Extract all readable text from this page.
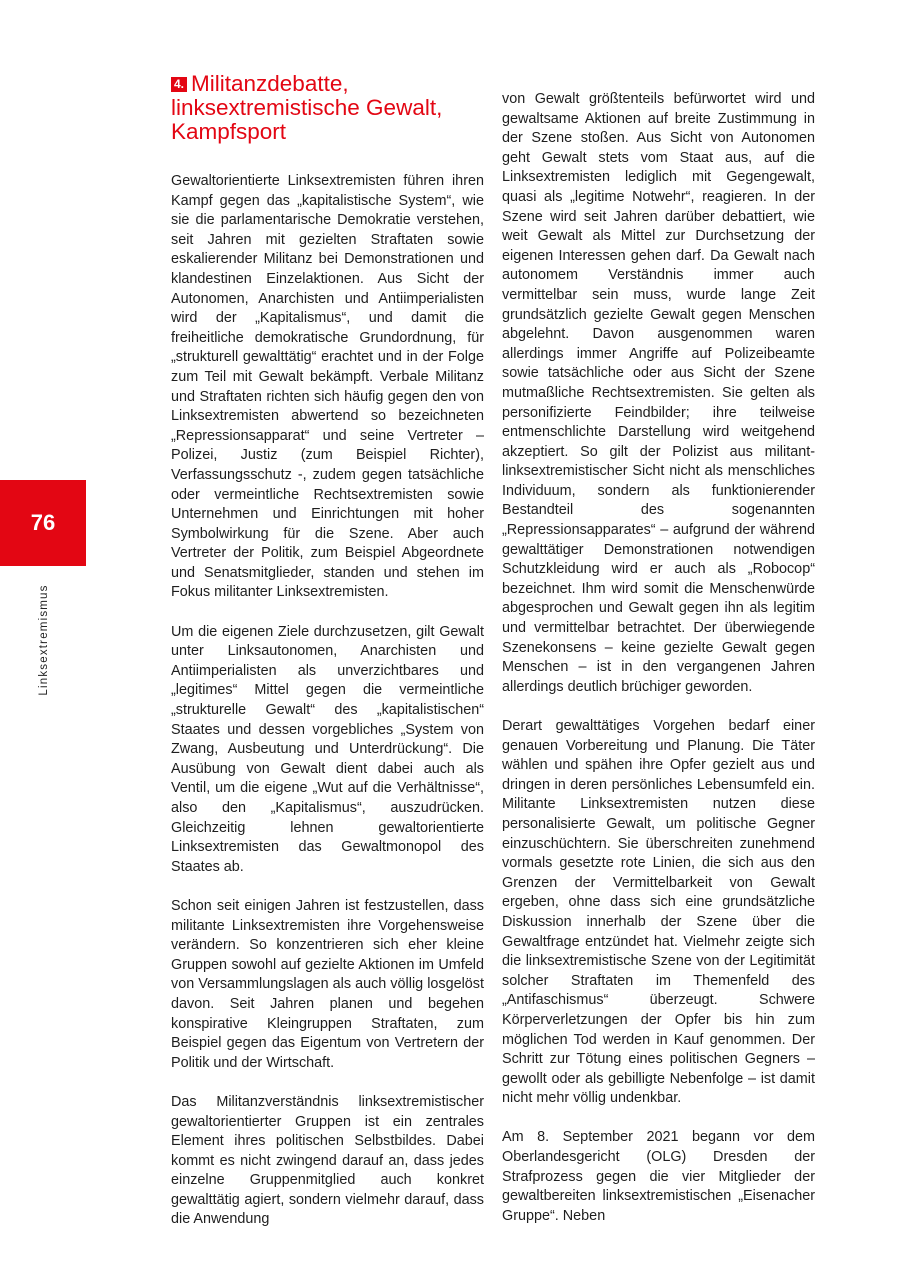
76
Linksextremismus
4. Militanzdebatte, linksextremistische Gewalt, Kampfsport

Gewaltorientierte Linksextremisten führen ihren Kampf gegen das „kapitalistische System“, wie sie die parlamentarische Demokratie verstehen, seit Jahren mit gezielten Straftaten sowie eskalierender Militanz bei Demonstrationen und klandestinen Einzelaktionen. Aus Sicht der Autonomen, Anarchisten und Antiimperialisten wird der „Kapitalismus“, und damit die freiheitliche demokratische Grundordnung, für „strukturell gewalttätig“ erachtet und in der Folge zum Teil mit Gewalt bekämpft. Verbale Militanz und Straftaten richten sich häufig gegen den von Linksextremisten abwertend so bezeichneten „Repressionsapparat“ und seine Vertreter – Polizei, Justiz (zum Beispiel Richter), Verfassungsschutz -, zudem gegen tatsächliche oder vermeintliche Rechtsextremisten sowie Unternehmen und Einrichtungen mit hoher Symbolwirkung für die Szene. Aber auch Vertreter der Politik, zum Beispiel Abgeordnete und Senatsmitglieder, standen und stehen im Fokus militanter Linksextremisten.

Um die eigenen Ziele durchzusetzen, gilt Gewalt unter Linksautonomen, Anarchisten und Antiimperialisten als unverzichtbares und „legitimes“ Mittel gegen die vermeintliche „strukturelle Gewalt“ des „kapitalistischen“ Staates und dessen vorgebliches „System von Zwang, Ausbeutung und Unterdrückung“. Die Ausübung von Gewalt dient dabei auch als Ventil, um die eigene „Wut auf die Verhältnisse“, also den „Kapitalismus“, auszudrücken. Gleichzeitig lehnen gewaltorientierte Linksextremisten das Gewaltmonopol des Staates ab.

Schon seit einigen Jahren ist festzustellen, dass militante Linksextremisten ihre Vorgehensweise verändern. So konzentrieren sich eher kleine Gruppen sowohl auf gezielte Aktionen im Umfeld von Versammlungslagen als auch völlig losgelöst davon. Seit Jahren planen und begehen konspirative Kleingruppen Straftaten, zum Beispiel gegen das Eigentum von Vertretern der Politik und der Wirtschaft.

Das Militanzverständnis linksextremistischer gewaltorientierter Gruppen ist ein zentrales Element ihres politischen Selbstbildes. Dabei kommt es nicht zwingend darauf an, dass jedes einzelne Gruppenmitglied auch konkret gewalttätig agiert, sondern vielmehr darauf, dass die Anwendung

von Gewalt größtenteils befürwortet wird und gewaltsame Aktionen auf breite Zustimmung in der Szene stoßen. Aus Sicht von Autonomen geht Gewalt stets vom Staat aus, auf die Linksextremisten lediglich mit Gegengewalt, quasi als „legitime Notwehr“, reagieren. In der Szene wird seit Jahren darüber debattiert, wie weit Gewalt als Mittel zur Durchsetzung der eigenen Interessen gehen darf. Da Gewalt nach autonomem Verständnis immer auch vermittelbar sein muss, wurde lange Zeit grundsätzlich gezielte Gewalt gegen Menschen abgelehnt. Davon ausgenommen waren allerdings immer Angriffe auf Polizeibeamte sowie tatsächliche oder aus Sicht der Szene mutmaßliche Rechtsextremisten. Sie gelten als personifizierte Feindbilder; ihre teilweise entmenschlichte Darstellung wird weitgehend akzeptiert. So gilt der Polizist aus militant-linksextremistischer Sicht nicht als menschliches Individuum, sondern als funktionierender Bestandteil des sogenannten „Repressionsapparates“ – aufgrund der während gewalttätiger Demonstrationen notwendigen Schutzkleidung wird er auch als „Robocop“ bezeichnet. Ihm wird somit die Menschenwürde abgesprochen und Gewalt gegen ihn als legitim und vermittelbar betrachtet. Der überwiegende Szenekonsens – keine gezielte Gewalt gegen Menschen – ist in den vergangenen Jahren allerdings deutlich brüchiger geworden.

Derart gewalttätiges Vorgehen bedarf einer genauen Vorbereitung und Planung. Die Täter wählen und spähen ihre Opfer gezielt aus und dringen in deren persönliches Lebensumfeld ein. Militante Linksextremisten nutzen diese personalisierte Gewalt, um politische Gegner einzuschüchtern. Sie überschreiten zunehmend vormals gesetzte rote Linien, die sich aus den Grenzen der Vermittelbarkeit von Gewalt ergeben, ohne dass sich eine grundsätzliche Diskussion innerhalb der Szene über die Gewaltfrage entzündet hat. Vielmehr zeigte sich die linksextremistische Szene von der Legitimität solcher Straftaten im Themenfeld des „Antifaschismus“ überzeugt. Schwere Körperverletzungen der Opfer bis hin zum möglichen Tod werden in Kauf genommen. Der Schritt zur Tötung eines politischen Gegners – gewollt oder als gebilligte Nebenfolge – ist damit nicht mehr völlig undenkbar.

Am 8. September 2021 begann vor dem Oberlandesgericht (OLG) Dresden der Strafprozess gegen die vier Mitglieder der gewaltbereiten linksextremistischen „Eisenacher Gruppe“. Neben
